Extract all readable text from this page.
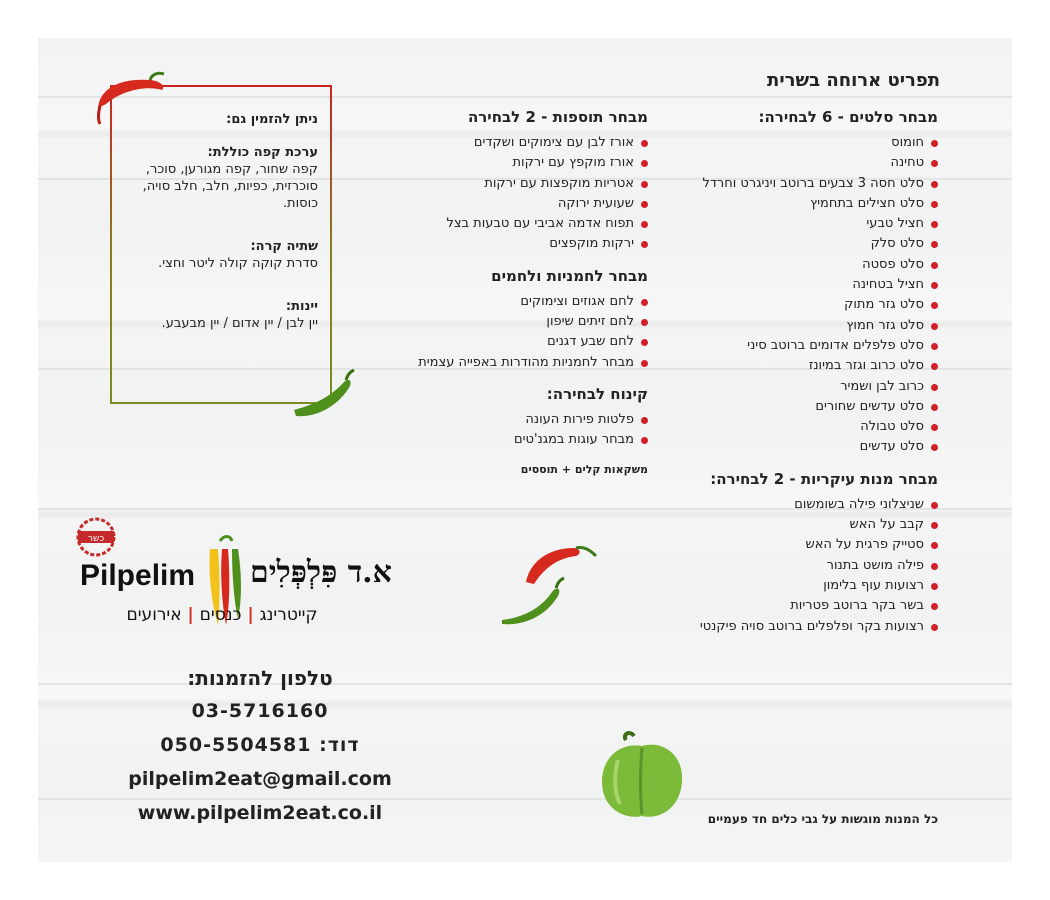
תפריט ארוחה בשרית

מבחר סלטים - 6 לבחירה:

חומוס
טחינה
סלט חסה 3 צבעים ברוטב ויניגרט וחרדל
סלט חצילים בתחמיץ
חציל טבעי
סלט סלק
סלט פסטה
חציל בטחינה
סלט גזר מתוק
סלט גזר חמוץ
סלט פלפלים אדומים ברוטב סיני
סלט כרוב וגזר במיונז
כרוב לבן ושמיר
סלט עדשים שחורים
סלט טבולה
סלט עדשים

מבחר מנות עיקריות - 2 לבחירה:

שניצלוני פילה בשומשום
קבב על האש
סטייק פרגית על האש
פילה מושט בתנור
רצועות עוף בלימון
בשר בקר ברוטב פטריות
רצועות בקר ופלפלים ברוטב סויה פיקנטי

מבחר תוספות - 2 לבחירה

אורז לבן עם צימוקים ושקדים
אורז מוקפץ עם ירקות
אטריות מוקפצות עם ירקות
שעועית ירוקה
תפוח אדמה אביבי עם טבעות בצל
ירקות מוקפצים

מבחר לחמניות ולחמים

לחם אגוזים וצימוקים
לחם זיתים שיפון
לחם שבע דגנים
מבחר לחמניות מהודרות באפייה עצמית

קינוח לבחירה:

פלטות פירות העונה
מבחר עוגות במגנ'טים
משקאות קלים + תוססים
כל המנות מוגשות על גבי כלים חד פעמיים
ניתן להזמין גם:
ערכת קפה כוללת:
קפה שחור, קפה מגורען, סוכר, סוכרזית, כפיות, חלב, חלב סויה, כוסות.
שתיה קרה:
סדרת קוקה קולה ליטר וחצי.
יינות:
יין לבן / יין אדום / יין מבעבע.
כשר
Pilpelim א.ד פִּלְפְּלִים
קייטרינג | כנסים | אירועים
טלפון להזמנות:
03-5716160
דוד: 050-5504581
pilpelim2eat@gmail.com
www.pilpelim2eat.co.il
